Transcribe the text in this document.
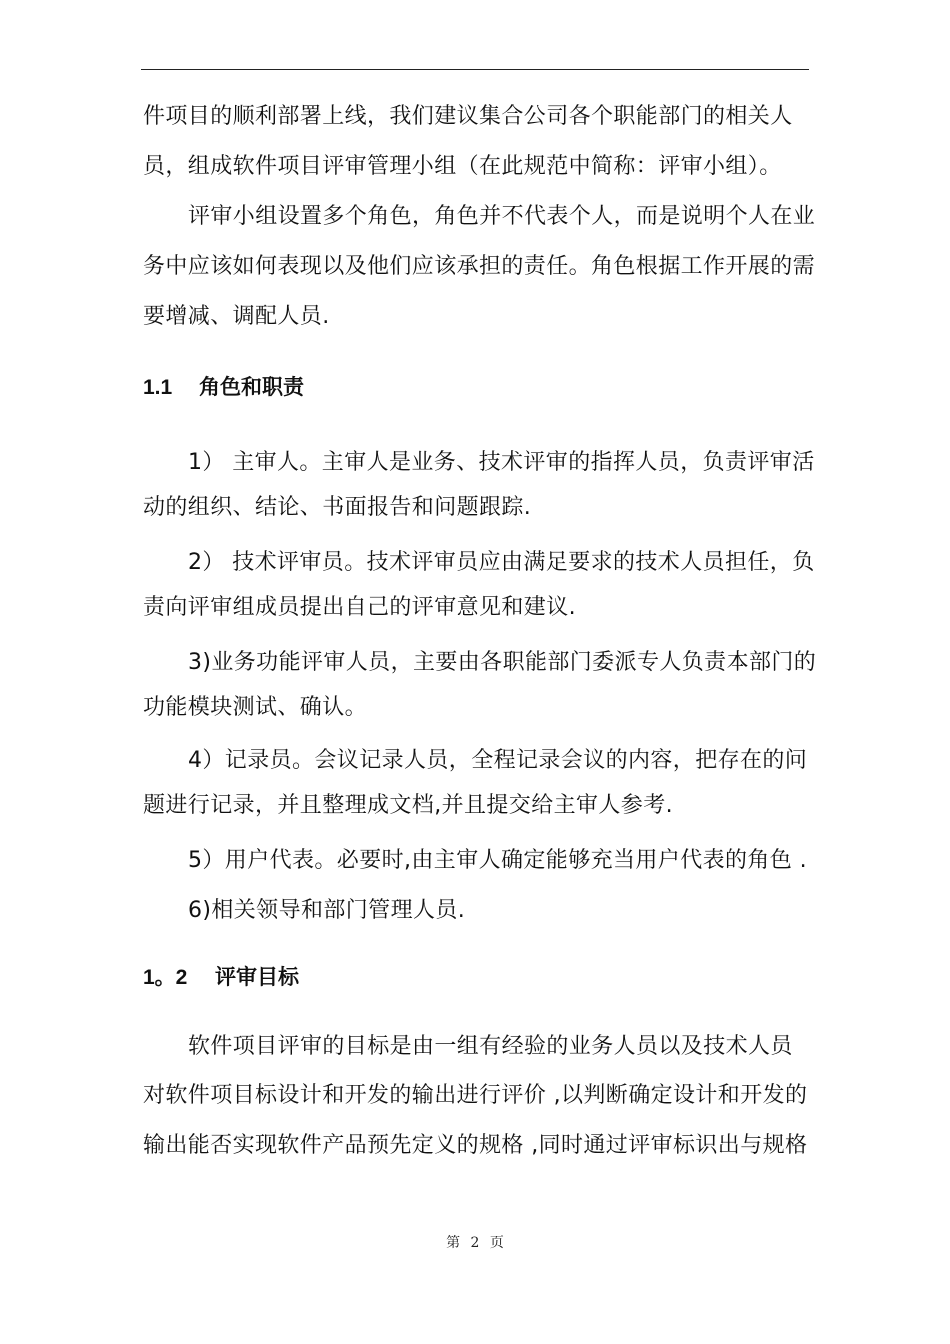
件项目的顺利部署上线，我们建议集合公司各个职能部门的相关人
员，组成软件项目评审管理小组（在此规范中简称：评审小组）。
评审小组设置多个角色，角色并不代表个人，而是说明个人在业
务中应该如何表现以及他们应该承担的责任。角色根据工作开展的需
要增减、调配人员.
1.1 角色和职责
1） 主审人。主审人是业务、技术评审的指挥人员，负责评审活
动的组织、结论、书面报告和问题跟踪.
2） 技术评审员。技术评审员应由满足要求的技术人员担任，负
责向评审组成员提出自己的评审意见和建议.
3)业务功能评审人员，主要由各职能部门委派专人负责本部门的
功能模块测试、确认。
4）记录员。会议记录人员，全程记录会议的内容，把存在的问
题进行记录，并且整理成文档,并且提交给主审人参考.
5）用户代表。必要时,由主审人确定能够充当用户代表的角色 .
6)相关领导和部门管理人员.
1。2 评审目标
软件项目评审的目标是由一组有经验的业务人员以及技术人员
对软件项目标设计和开发的输出进行评价 ,以判断确定设计和开发的
输出能否实现软件产品预先定义的规格 ,同时通过评审标识出与规格
第 2 页
